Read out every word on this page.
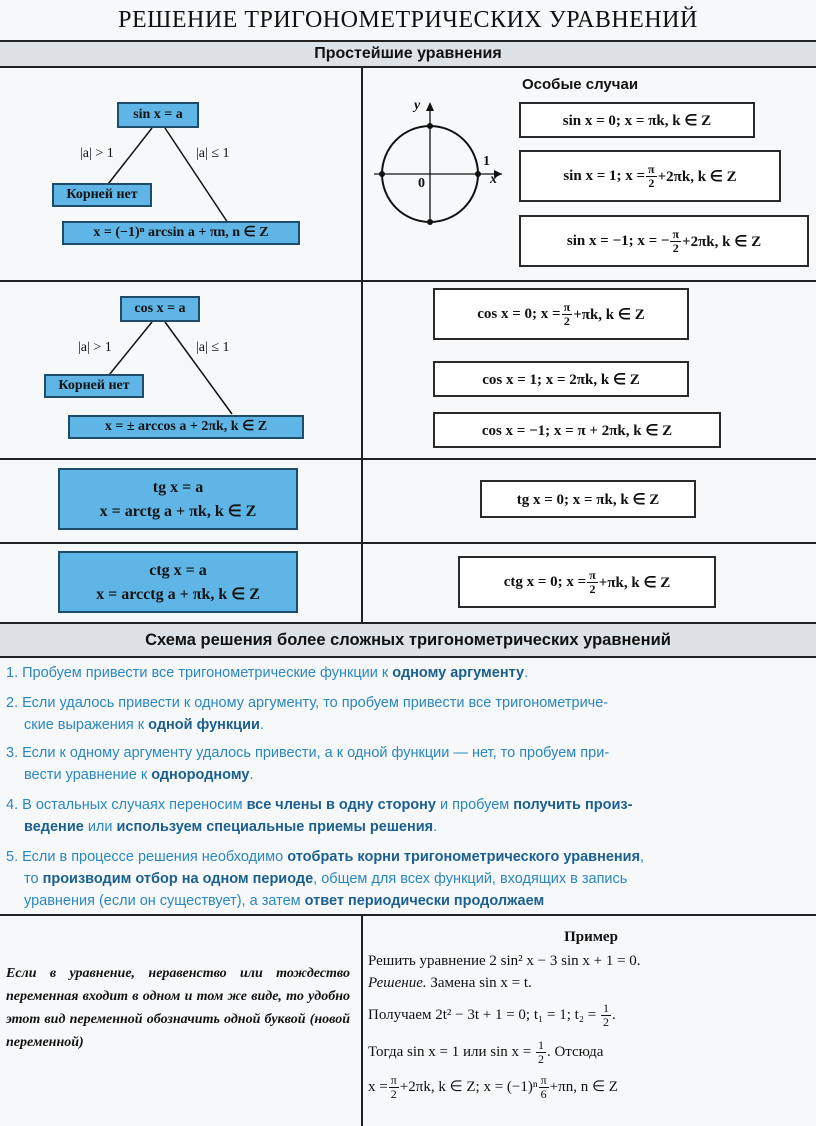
РЕШЕНИЕ ТРИГОНОМЕТРИЧЕСКИХ УРАВНЕНИЙ
Простейшие уравнения
sin x = a
|a| > 1	|a| ≤ 1
Корней нет
x = (−1)ⁿ arcsin a + πn, n ∈ Z
y
x
0
1
Особые случаи
sin x = 0; x = πk, k ∈ Z
sin x = 1; $x = \frac{\pi}{2} +2\pi k$, k ∈ Z
sin x = −1; x = − $\frac{\pi}{2} +2\pi k$, k ∈ Z
cos x = a
|a| > 1	|a| ≤ 1
Корней нет
x = ± arccos a + 2πk, k ∈ Z
cos x = 0; $x = \frac{\pi}{2} +\pi k$, k ∈ Z
cos x = 1; x = 2πk, k ∈ Z
cos x = −1; x = π + 2πk, k ∈ Z
tg x = a
x = arctg a + πk, k ∈ Z
tg x = 0; x = πk, k ∈ Z
ctg x = a
x = arcctg a + πk, k ∈ Z
ctg x = 0; $x = \frac{\pi}{2} +\pi k$, k ∈ Z
Схема решения более сложных тригонометрических уравнений
1. Пробуем привести все тригонометрические функции к одному аргументу.
2. Если удалось привести к одному аргументу, то пробуем привести все тригонометриче-
ские выражения к одной функции.
3. Если к одному аргументу удалось привести, а к одной функции — нет, то пробуем при-
вести уравнение к однородному.
4. В остальных случаях переносим все члены в одну сторону и пробуем получить произ-
ведение или используем специальные приемы решения.
5. Если в процессе решения необходимо отобрать корни тригонометрического уравнения,
то производим отбор на одном периоде, общем для всех функций, входящих в запись
уравнения (если он существует), а затем ответ периодически продолжаем
Если в уравнение, неравенство или тождество переменная входит в одном и том же виде, то удобно этот вид переменной обозначить одной буквой (новой переменной)
Пример
Решить уравнение 2 sin² x − 3 sin x + 1 = 0.
Решение. Замена sin x = t.
Получаем 2t² − 3t + 1 = 0; t₁ = 1; $t_2 = \frac{1}{2}$ .
Тогда sin x = 1 или $\sin x = \frac{1}{2}$ . Отсюда
$x = \frac{\pi}{2} +2\pi k$, k ∈ Z; $x = (-1)^n \frac{\pi}{6} +\pi n$, n ∈ Z
